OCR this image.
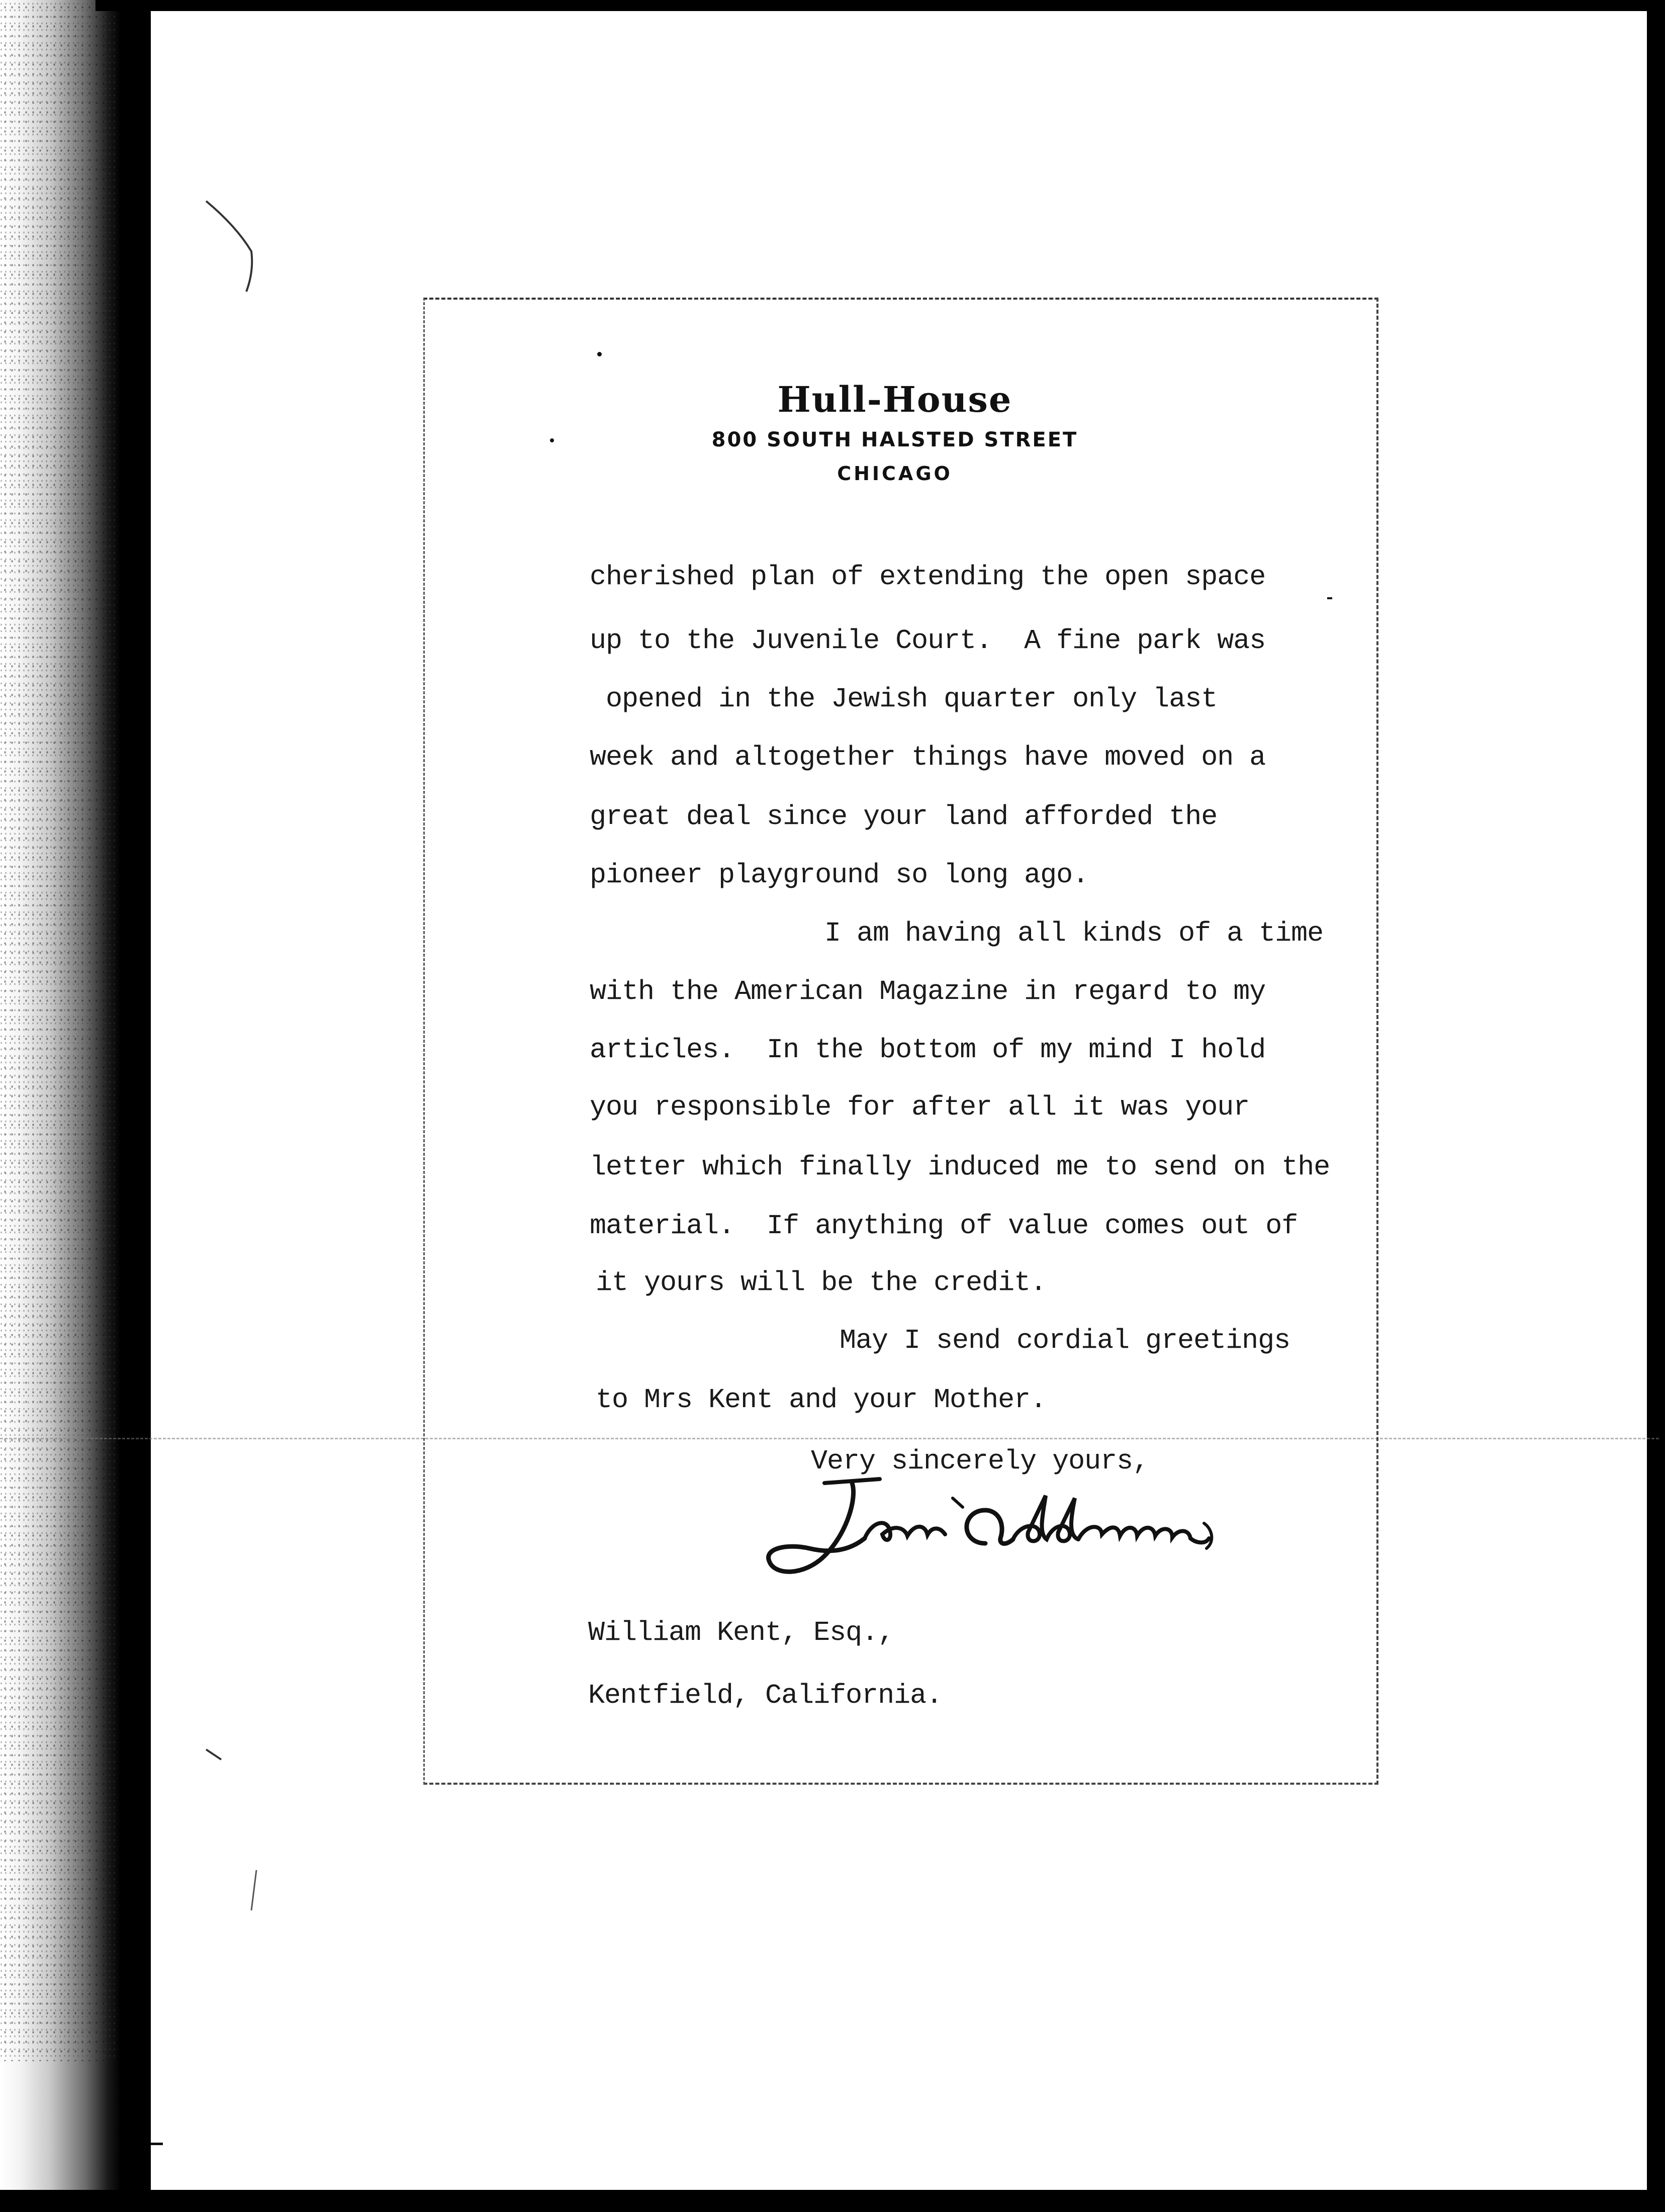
Hull-House
800 SOUTH HALSTED STREET
CHICAGO
cherished plan of extending the open space
up to the Juvenile Court.  A fine park was
opened in the Jewish quarter only last
week and altogether things have moved on a
great deal since your land afforded the
pioneer playground so long ago.
I am having all kinds of a time
with the American Magazine in regard to my
articles.  In the bottom of my mind I hold
you responsible for after all it was your
letter which finally induced me to send on the
material.  If anything of value comes out of
it yours will be the credit.
May I send cordial greetings
to Mrs Kent and your Mother.
Very sincerely yours,
William Kent, Esq.,
Kentfield, California.
